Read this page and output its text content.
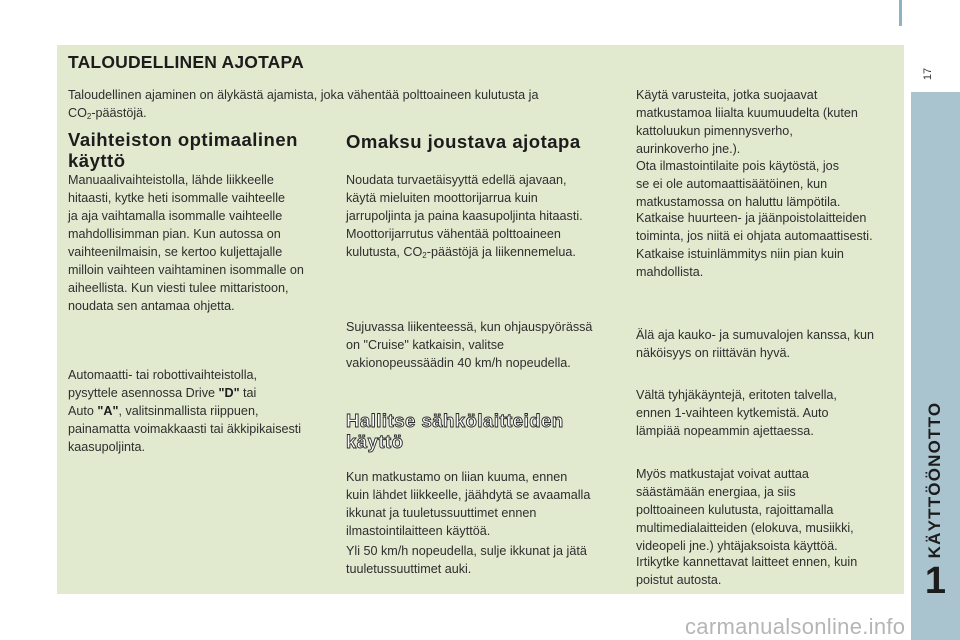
17
TALOUDELLINEN AJOTAPA

Taloudellinen ajaminen on älykästä ajamista, joka vähentää polttoaineen kulutusta ja
$CO_2$-päästöjä.

Vaihteiston optimaalinen
käyttö

Manuaalivaihteistolla, lähde liikkeelle
hitaasti, kytke heti isommalle vaihteelle
ja aja vaihtamalla isommalle vaihteelle
mahdollisimman pian. Kun autossa on
vaihteenilmaisin, se kertoo kuljettajalle
milloin vaihteen vaihtaminen isommalle on
aiheellista. Kun viesti tulee mittaristoon,
noudata sen antamaa ohjetta.

Automaatti- tai robottivaihteistolla,
pysyttele asennossa Drive "D" tai
Auto "A", valitsinmallista riippuen,
painamatta voimakkaasti tai äkkipikaisesti
kaasupoljinta.

Omaksu joustava ajotapa

Noudata turvaetäisyyttä edellä ajavaan,
käytä mieluiten moottorijarrua kuin
jarrupoljinta ja paina kaasupoljinta hitaasti.
Moottorijarrutus vähentää polttoaineen
kulutusta, $CO_2$-päästöjä ja liikennemelua.

Sujuvassa liikenteessä, kun ohjauspyörässä
on "Cruise" katkaisin, valitse
vakionopeussäädin 40 km/h nopeudella.

Hallitse sähkölaitteiden
käyttö

Kun matkustamo on liian kuuma, ennen
kuin lähdet liikkeelle, jäähdytä se avaamalla
ikkunat ja tuuletussuuttimet ennen
ilmastointilaitteen käyttöä.

Yli 50 km/h nopeudella, sulje ikkunat ja jätä
tuuletussuuttimet auki.

Käytä varusteita, jotka suojaavat
matkustamoa liialta kuumuudelta (kuten
kattoluukun pimennysverho,
aurinkoverho jne.).

Ota ilmastointilaite pois käytöstä, jos
se ei ole automaattisäätöinen, kun
matkustamossa on haluttu lämpötila.

Katkaise huurteen- ja jäänpoistolaitteiden
toiminta, jos niitä ei ohjata automaattisesti.

Katkaise istuinlämmitys niin pian kuin
mahdollista.

Älä aja kauko- ja sumuvalojen kanssa, kun
näköisyys on riittävän hyvä.

Vältä tyhjäkäyntejä, eritoten talvella,
ennen 1-vaihteen kytkemistä. Auto
lämpiää nopeammin ajettaessa.

Myös matkustajat voivat auttaa
säästämään energiaa, ja siis
polttoaineen kulutusta, rajoittamalla
multimedialaitteiden (elokuva, musiikki,
videopeli jne.) yhtäjaksoista käyttöä.

Irtikytke kannettavat laitteet ennen, kuin
poistut autosta.

KÄYTTÖÖNOTTO
1
carmanualsonline.info
